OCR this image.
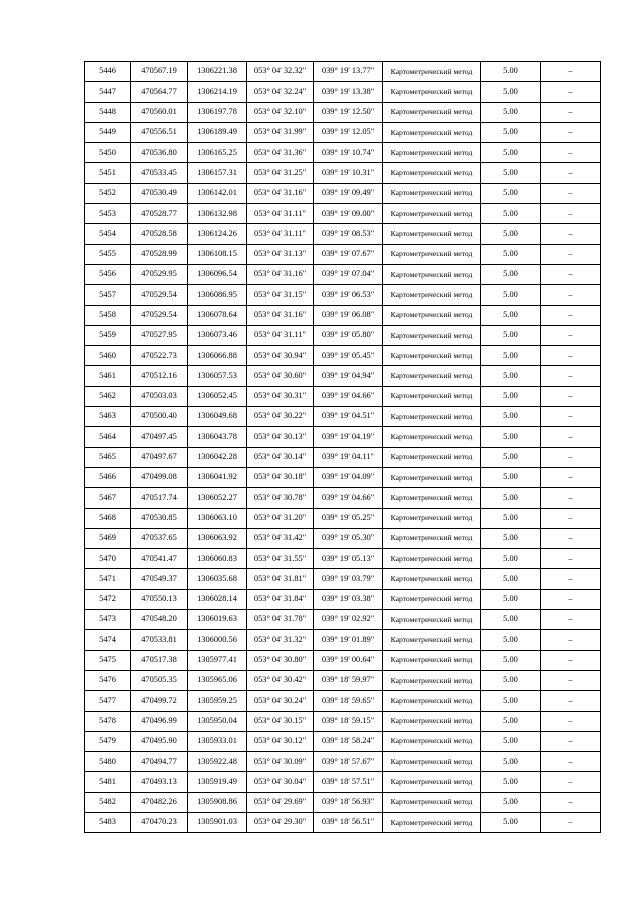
5446	470567.19	1306221.38	053° 04' 32.32"	039° 19' 13.77"	Картометрический метод	5.00	–
5447	470564.77	1306214.19	053° 04' 32.24"	039° 19' 13.38"	Картометрический метод	5.00	–
5448	470560.01	1306197.78	053° 04' 32.10"	039° 19' 12.50"	Картометрический метод	5.00	–
5449	470556.51	1306189.49	053° 04' 31.99"	039° 19' 12.05"	Картометрический метод	5.00	–
5450	470536.80	1306165.25	053° 04' 31.36"	039° 19' 10.74"	Картометрический метод	5.00	–
5451	470533.45	1306157.31	053° 04' 31.25"	039° 19' 10.31"	Картометрический метод	5.00	–
5452	470530.49	1306142.01	053° 04' 31.16"	039° 19' 09.49"	Картометрический метод	5.00	–
5453	470528.77	1306132.98	053° 04' 31.11"	039° 19' 09.00"	Картометрический метод	5.00	–
5454	470528.58	1306124.26	053° 04' 31.11"	039° 19' 08.53"	Картометрический метод	5.00	–
5455	470528.99	1306108.15	053° 04' 31.13"	039° 19' 07.67"	Картометрический метод	5.00	–
5456	470529.95	1306096.54	053° 04' 31.16"	039° 19' 07.04"	Картометрический метод	5.00	–
5457	470529.54	1306086.95	053° 04' 31.15"	039° 19' 06.53"	Картометрический метод	5.00	–
5458	470529.54	1306078.64	053° 04' 31.16"	039° 19' 06.08"	Картометрический метод	5.00	–
5459	470527.95	1306073.46	053° 04' 31.11"	039° 19' 05.80"	Картометрический метод	5.00	–
5460	470522.73	1306066.88	053° 04' 30.94"	039° 19' 05.45"	Картометрический метод	5.00	–
5461	470512.16	1306057.53	053° 04' 30.60"	039° 19' 04.94"	Картометрический метод	5.00	–
5462	470503.03	1306052.45	053° 04' 30.31"	039° 19' 04.66"	Картометрический метод	5.00	–
5463	470500.40	1306049.68	053° 04' 30.22"	039° 19' 04.51"	Картометрический метод	5.00	–
5464	470497.45	1306043.78	053° 04' 30.13"	039° 19' 04.19"	Картометрический метод	5.00	–
5465	470497.67	1306042.28	053° 04' 30.14"	039° 19' 04.11"	Картометрический метод	5.00	–
5466	470499.08	1306041.92	053° 04' 30.18"	039° 19' 04.09"	Картометрический метод	5.00	–
5467	470517.74	1306052.27	053° 04' 30.78"	039° 19' 04.66"	Картометрический метод	5.00	–
5468	470530.85	1306063.10	053° 04' 31.20"	039° 19' 05.25"	Картометрический метод	5.00	–
5469	470537.65	1306063.92	053° 04' 31.42"	039° 19' 05.30"	Картометрический метод	5.00	–
5470	470541.47	1306060.83	053° 04' 31.55"	039° 19' 05.13"	Картометрический метод	5.00	–
5471	470549.37	1306035.68	053° 04' 31.81"	039° 19' 03.79"	Картометрический метод	5.00	–
5472	470550.13	1306028.14	053° 04' 31.84"	039° 19' 03.38"	Картометрический метод	5.00	–
5473	470548.20	1306019.63	053° 04' 31.78"	039° 19' 02.92"	Картометрический метод	5.00	–
5474	470533.81	1306000.56	053° 04' 31.32"	039° 19' 01.89"	Картометрический метод	5.00	–
5475	470517.38	1305977.41	053° 04' 30.80"	039° 19' 00.64"	Картометрический метод	5.00	–
5476	470505.35	1305965.06	053° 04' 30.42"	039° 18' 59.97"	Картометрический метод	5.00	–
5477	470499.72	1305959.25	053° 04' 30.24"	039° 18' 59.65"	Картометрический метод	5.00	–
5478	470496.99	1305950.04	053° 04' 30.15"	039° 18' 59.15"	Картометрический метод	5.00	–
5479	470495.90	1305933.01	053° 04' 30.12"	039° 18' 58.24"	Картометрический метод	5.00	–
5480	470494.77	1305922.48	053° 04' 30.09"	039° 18' 57.67"	Картометрический метод	5.00	–
5481	470493.13	1305919.49	053° 04' 30.04"	039° 18' 57.51"	Картометрический метод	5.00	–
5482	470482.26	1305908.86	053° 04' 29.69"	039° 18' 56.93"	Картометрический метод	5.00	–
5483	470470.23	1305901.03	053° 04' 29.30"	039° 18' 56.51"	Картометрический метод	5.00	–
